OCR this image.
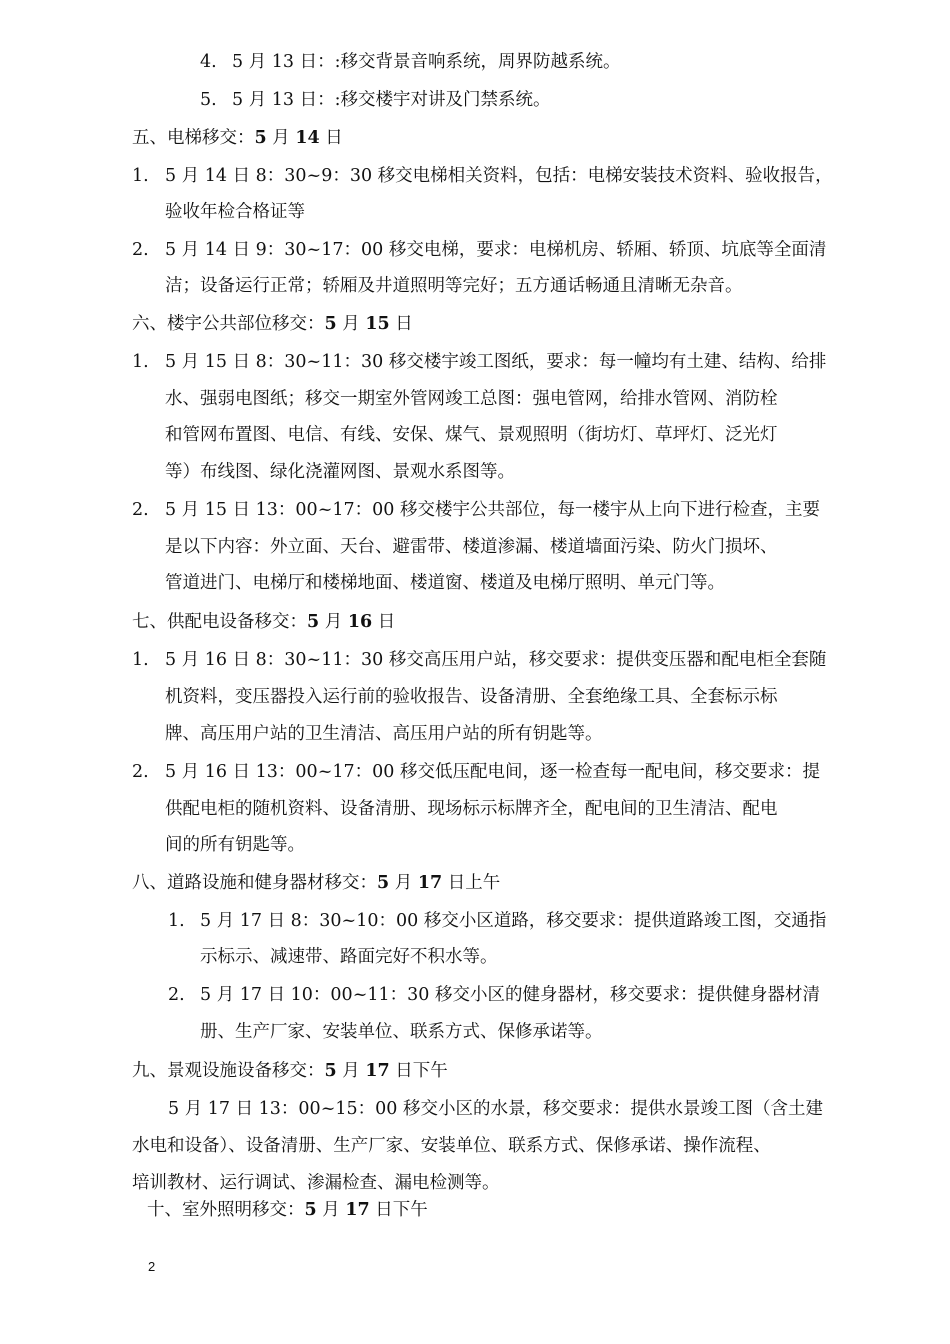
4. 5 月 13 日：:移交背景音响系统，周界防越系统。
5. 5 月 13 日：:移交楼宇对讲及门禁系统。
五、电梯移交：5 月 14 日
1. 5 月 14 日 8：30~9：30 移交电梯相关资料，包括：电梯安装技术资料、验收报告，
验收年检合格证等
2. 5 月 14 日 9：30~17：00 移交电梯，要求：电梯机房、轿厢、轿顶、坑底等全面清
洁；设备运行正常；轿厢及井道照明等完好；五方通话畅通且清晰无杂音。
六、楼宇公共部位移交：5 月 15 日
1. 5 月 15 日 8：30~11：30 移交楼宇竣工图纸，要求：每一幢均有土建、结构、给排
水、强弱电图纸；移交一期室外管网竣工总图：强电管网，给排水管网、消防栓
和管网布置图、电信、有线、安保、煤气、景观照明（街坊灯、草坪灯、泛光灯
等）布线图、绿化浇灌网图、景观水系图等。
2. 5 月 15 日 13：00~17：00 移交楼宇公共部位，每一楼宇从上向下进行检查，主要
是以下内容：外立面、天台、避雷带、楼道渗漏、楼道墙面污染、防火门损坏、
管道进门、电梯厅和楼梯地面、楼道窗、楼道及电梯厅照明、单元门等。
七、供配电设备移交：5 月 16 日
1. 5 月 16 日 8：30~11：30 移交高压用户站，移交要求：提供变压器和配电柜全套随
机资料，变压器投入运行前的验收报告、设备清册、全套绝缘工具、全套标示标
牌、高压用户站的卫生清洁、高压用户站的所有钥匙等。
2. 5 月 16 日 13：00~17：00 移交低压配电间，逐一检查每一配电间，移交要求：提
供配电柜的随机资料、设备清册、现场标示标牌齐全，配电间的卫生清洁、配电
间的所有钥匙等。
八、道路设施和健身器材移交：5 月 17 日上午
1. 5 月 17 日 8：30~10：00 移交小区道路，移交要求：提供道路竣工图，交通指
示标示、减速带、路面完好不积水等。
2. 5 月 17 日 10：00~11：30 移交小区的健身器材，移交要求：提供健身器材清
册、生产厂家、安装单位、联系方式、保修承诺等。
九、景观设施设备移交：5 月 17 日下午
5 月 17 日 13：00~15：00 移交小区的水景，移交要求：提供水景竣工图（含土建
水电和设备）、设备清册、生产厂家、安装单位、联系方式、保修承诺、操作流程、
培训教材、运行调试、渗漏检查、漏电检测等。
十、室外照明移交：5 月 17 日下午
2
